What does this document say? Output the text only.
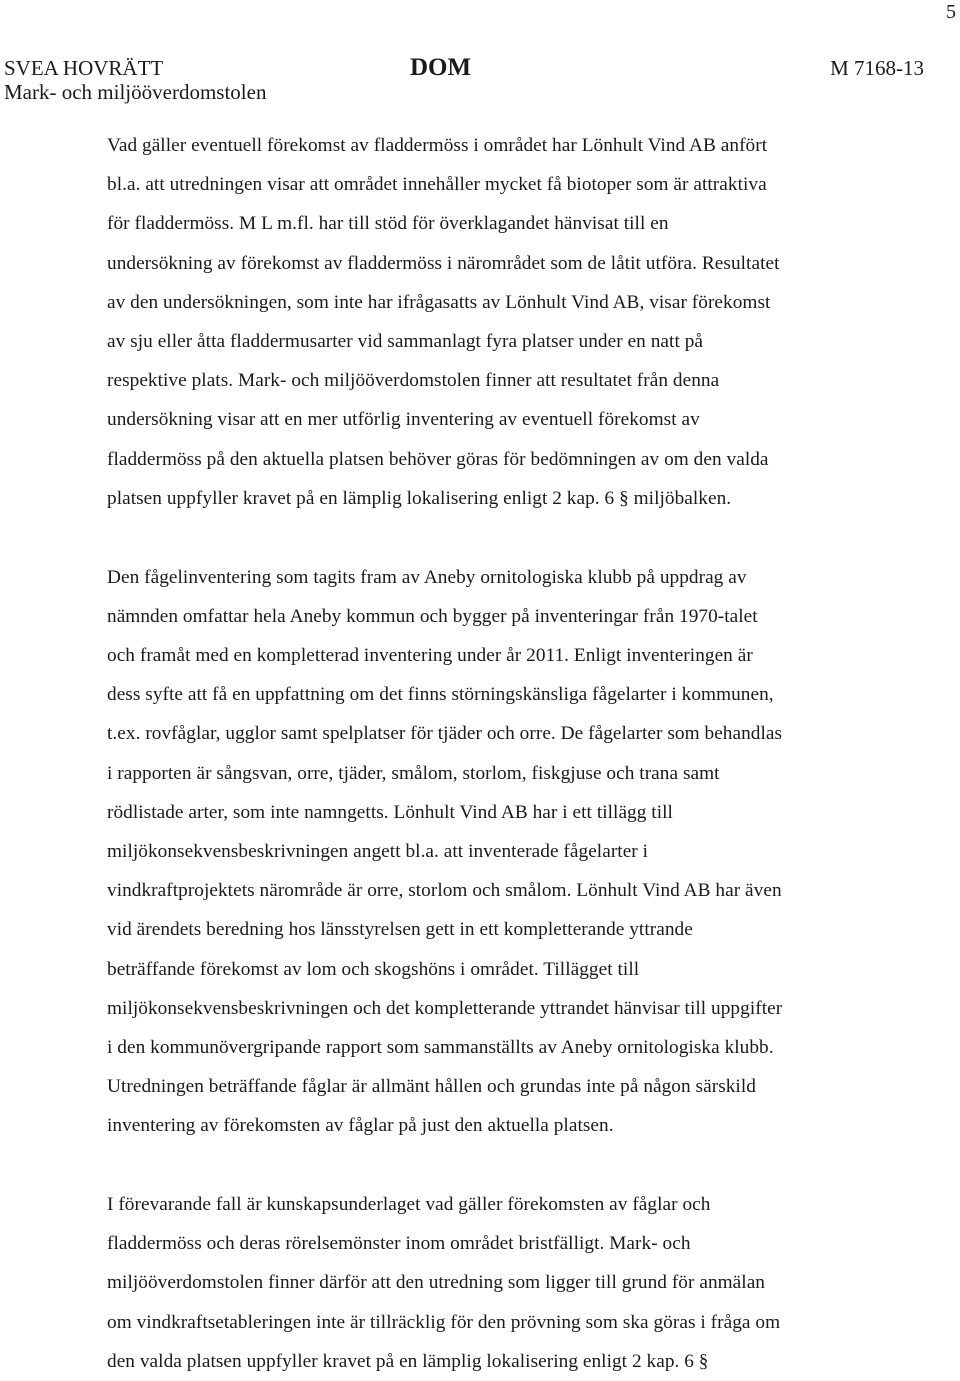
5
SVEA HOVRÄTT
Mark- och miljööverdomstolen
DOM	M 7168-13

Vad gäller eventuell förekomst av fladdermöss i området har Lönhult Vind AB anfört
bl.a. att utredningen visar att området innehåller mycket få biotoper som är attraktiva
för fladdermöss. M L m.fl. har till stöd för överklagandet hänvisat till en
undersökning av förekomst av fladdermöss i närområdet som de låtit utföra. Resultatet
av den undersökningen, som inte har ifrågasatts av Lönhult Vind AB, visar förekomst
av sju eller åtta fladdermusarter vid sammanlagt fyra platser under en natt på
respektive plats. Mark- och miljööverdomstolen finner att resultatet från denna
undersökning visar att en mer utförlig inventering av eventuell förekomst av
fladdermöss på den aktuella platsen behöver göras för bedömningen av om den valda
platsen uppfyller kravet på en lämplig lokalisering enligt 2 kap. 6 § miljöbalken.

Den fågelinventering som tagits fram av Aneby ornitologiska klubb på uppdrag av
nämnden omfattar hela Aneby kommun och bygger på inventeringar från 1970-talet
och framåt med en kompletterad inventering under år 2011. Enligt inventeringen är
dess syfte att få en uppfattning om det finns störningskänsliga fågelarter i kommunen,
t.ex. rovfåglar, ugglor samt spelplatser för tjäder och orre. De fågelarter som behandlas
i rapporten är sångsvan, orre, tjäder, smålom, storlom, fiskgjuse och trana samt
rödlistade arter, som inte namngetts. Lönhult Vind AB har i ett tillägg till
miljökonsekvensbeskrivningen angett bl.a. att inventerade fågelarter i
vindkraftprojektets närområde är orre, storlom och smålom. Lönhult Vind AB har även
vid ärendets beredning hos länsstyrelsen gett in ett kompletterande yttrande
beträffande förekomst av lom och skogshöns i området. Tillägget till
miljökonsekvensbeskrivningen och det kompletterande yttrandet hänvisar till uppgifter
i den kommunövergripande rapport som sammanställts av Aneby ornitologiska klubb.
Utredningen beträffande fåglar är allmänt hållen och grundas inte på någon särskild
inventering av förekomsten av fåglar på just den aktuella platsen.

I förevarande fall är kunskapsunderlaget vad gäller förekomsten av fåglar och
fladdermöss och deras rörelsemönster inom området bristfälligt. Mark- och
miljööverdomstolen finner därför att den utredning som ligger till grund för anmälan
om vindkraftsetableringen inte är tillräcklig för den prövning som ska göras i fråga om
den valda platsen uppfyller kravet på en lämplig lokalisering enligt 2 kap. 6 §
